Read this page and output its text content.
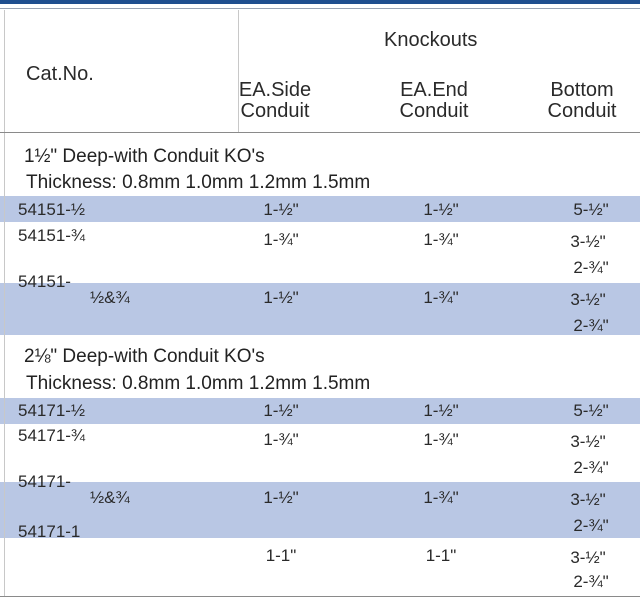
Cat.No.
Knockouts
EA.Side
Conduit
EA.End
Conduit
Bottom
Conduit
1½" Deep-with Conduit KO's
Thickness: 0.8mm 1.0mm 1.2mm 1.5mm
54151-½	1-½"	1-½"	5-½"
54151-¾	1-¾"	1-¾"	3-½"
2-¾"
54151-
½&¾	1-½"	1-¾"	3-½"
2-¾"
2⅛" Deep-with Conduit KO's
Thickness: 0.8mm 1.0mm 1.2mm 1.5mm
54171-½	1-½"	1-½"	5-½"
54171-¾	1-¾"	1-¾"	3-½"
2-¾"
54171-
½&¾	1-½"	1-¾"	3-½"
2-¾"
54171-1
1-1"	1-1"	3-½"
2-¾"
